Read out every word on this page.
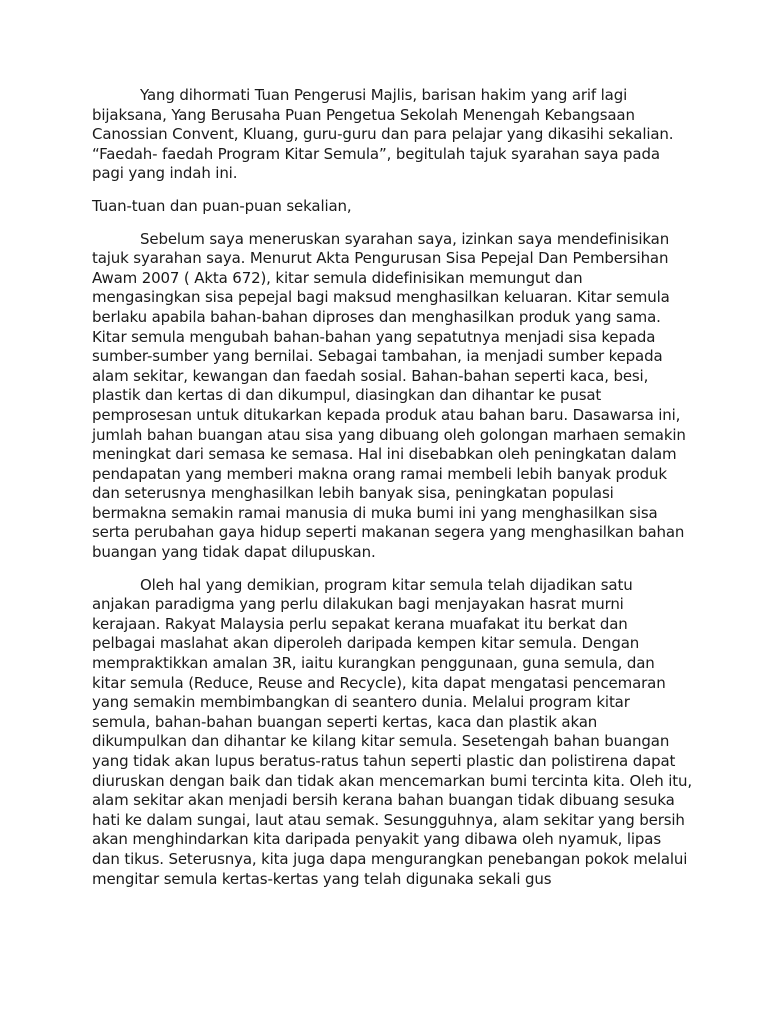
Yang dihormati Tuan Pengerusi Majlis, barisan hakim yang arif lagi bijaksana, Yang Berusaha Puan Pengetua Sekolah Menengah Kebangsaan Canossian Convent, Kluang, guru-guru dan para pelajar yang dikasihi sekalian. “Faedah- faedah Program Kitar Semula”, begitulah tajuk syarahan saya pada pagi yang indah ini.

Tuan-tuan dan puan-puan sekalian,

Sebelum saya meneruskan syarahan saya, izinkan saya mendefinisikan tajuk syarahan saya. Menurut Akta Pengurusan Sisa Pepejal Dan Pembersihan Awam 2007 ( Akta 672), kitar semula didefinisikan memungut dan mengasingkan sisa pepejal bagi maksud menghasilkan keluaran. Kitar semula berlaku apabila bahan-bahan diproses dan menghasilkan produk yang sama. Kitar semula mengubah bahan-bahan yang sepatutnya menjadi sisa kepada sumber-sumber yang bernilai. Sebagai tambahan, ia menjadi sumber kepada alam sekitar, kewangan dan faedah sosial. Bahan-bahan seperti kaca, besi, plastik dan kertas di dan dikumpul, diasingkan dan dihantar ke pusat pemprosesan untuk ditukarkan kepada produk atau bahan baru. Dasawarsa ini, jumlah bahan buangan atau sisa yang dibuang oleh golongan marhaen semakin meningkat dari semasa ke semasa. Hal ini disebabkan oleh peningkatan dalam pendapatan yang memberi makna orang ramai membeli lebih banyak produk dan seterusnya menghasilkan lebih banyak sisa, peningkatan populasi bermakna semakin ramai manusia di muka bumi ini yang menghasilkan sisa serta perubahan gaya hidup seperti makanan segera yang menghasilkan bahan buangan yang tidak dapat dilupuskan.

Oleh hal yang demikian, program kitar semula telah dijadikan satu anjakan paradigma yang perlu dilakukan bagi menjayakan hasrat murni kerajaan. Rakyat Malaysia perlu sepakat kerana muafakat itu berkat dan pelbagai maslahat akan diperoleh daripada kempen kitar semula. Dengan mempraktikkan amalan 3R, iaitu kurangkan penggunaan, guna semula, dan kitar semula (Reduce, Reuse and Recycle), kita dapat mengatasi pencemaran yang semakin membimbangkan di seantero dunia. Melalui program kitar semula, bahan-bahan buangan seperti kertas, kaca dan plastik akan dikumpulkan dan dihantar ke kilang kitar semula. Sesetengah bahan buangan yang tidak akan lupus beratus-ratus tahun seperti plastic dan polistirena dapat diuruskan dengan baik dan tidak akan mencemarkan bumi tercinta kita. Oleh itu, alam sekitar akan menjadi bersih kerana bahan buangan tidak dibuang sesuka hati ke dalam sungai, laut atau semak. Sesungguhnya, alam sekitar yang bersih akan menghindarkan kita daripada penyakit yang dibawa oleh nyamuk, lipas dan tikus. Seterusnya, kita juga dapa mengurangkan penebangan pokok melalui mengitar semula kertas-kertas yang telah digunaka sekali gus
